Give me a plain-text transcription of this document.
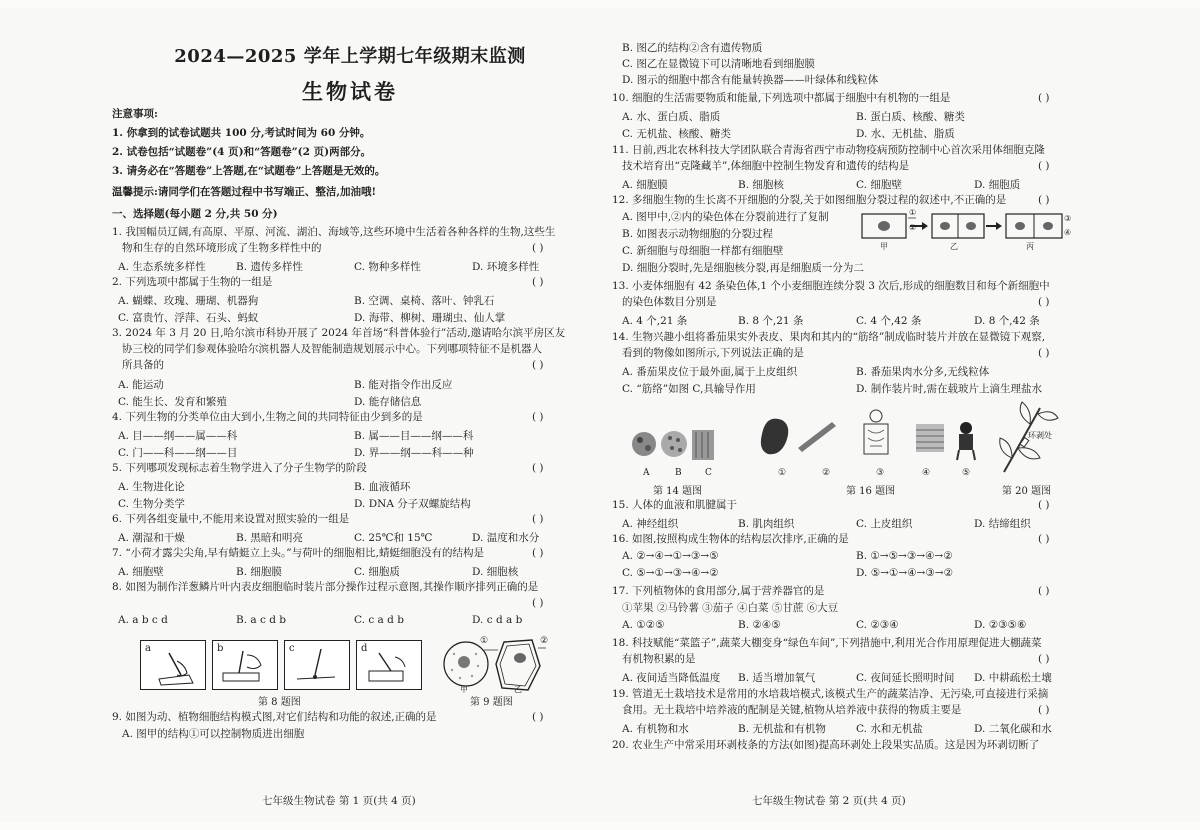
2024—2025 学年上学期七年级期末监测
生物试卷
注意事项:
1. 你拿到的试卷试题共 100 分,考试时间为 60 分钟。
2. 试卷包括“试题卷”(4 页)和“答题卷”(2 页)两部分。
3. 请务必在“答题卷”上答题,在“试题卷”上答题是无效的。
温馨提示:请同学们在答题过程中书写端正、整洁,加油哦!
一、选择题(每小题 2 分,共 50 分)
1. 我国幅员辽阔,有高原、平原、河流、湖泊、海域等,这些环境中生活着各种各样的生物,这些生
物和生存的自然环境形成了生物多样性中的	( )
A. 生态系统多样性	B. 遗传多样性	C. 物种多样性	D. 环境多样性
2. 下列选项中都属于生物的一组是	( )
A. 蝴蝶、玫瑰、珊瑚、机器狗	B. 空调、桌椅、落叶、钟乳石
C. 富贵竹、浮萍、石头、蚂蚁	D. 海带、柳树、珊瑚虫、仙人掌
3. 2024 年 3 月 20 日,哈尔滨市科协开展了 2024 年首场“科普体验行”活动,邀请哈尔滨平房区友
协三校的同学们参观体验哈尔滨机器人及智能制造规划展示中心。下列哪项特征不是机器人
所具备的	( )
A. 能运动	B. 能对指令作出反应
C. 能生长、发育和繁殖	D. 能存储信息
4. 下列生物的分类单位由大到小,生物之间的共同特征由少到多的是	( )
A. 目——纲——属——科	B. 属——目——纲——科
C. 门——科——纲——目	D. 界——纲——科——种
5. 下列哪项发现标志着生物学进入了分子生物学的阶段	( )
A. 生物进化论	B. 血液循环
C. 生物分类学	D. DNA 分子双螺旋结构
6. 下列各组变量中,不能用来设置对照实验的一组是	( )
A. 潮湿和干燥	B. 黑暗和明亮	C. 25℃和 15℃	D. 温度和水分
7. “小荷才露尖尖角,早有蜻蜓立上头。”与荷叶的细胞相比,蜻蜓细胞没有的结构是	( )
A. 细胞壁	B. 细胞膜	C. 细胞质	D. 细胞核
8. 如图为制作洋葱鳞片叶内表皮细胞临时装片部分操作过程示意图,其操作顺序排列正确的是
( )
A. a b c d	B. a c d b	C. c a d b	D. c d a b
a	b	c	d
第 8 题图
①	②
甲	乙
第 9 题图
9. 如图为动、植物细胞结构模式图,对它们结构和功能的叙述,正确的是	( )
A. 图甲的结构①可以控制物质进出细胞
七年级生物试卷 第 1 页(共 4 页)
B. 图乙的结构②含有遗传物质
C. 图乙在显微镜下可以清晰地看到细胞膜
D. 图示的细胞中都含有能量转换器——叶绿体和线粒体
10. 细胞的生活需要物质和能量,下列选项中都属于细胞中有机物的一组是	( )
A. 水、蛋白质、脂质	B. 蛋白质、核酸、糖类
C. 无机盐、核酸、糖类	D. 水、无机盐、脂质
11. 日前,西北农林科技大学团队联合青海省西宁市动物疫病预防控制中心首次采用体细胞克隆
技术培育出“克隆藏羊”,体细胞中控制生物发育和遗传的结构是	( )
A. 细胞膜	B. 细胞核	C. 细胞壁	D. 细胞质
12. 多细胞生物的生长离不开细胞的分裂,关于如图细胞分裂过程的叙述中,不正确的是	( )
A. 图甲中,②内的染色体在分裂前进行了复制
B. 如图表示动物细胞的分裂过程
C. 新细胞与母细胞一样都有细胞壁
D. 细胞分裂时,先是细胞核分裂,再是细胞质一分为二
甲	乙	丙
①
②
③
④
13. 小麦体细胞有 42 条染色体,1 个小麦细胞连续分裂 3 次后,形成的细胞数目和每个新细胞中
的染色体数目分别是	( )
A. 4 个,21 条	B. 8 个,21 条	C. 4 个,42 条	D. 8 个,42 条
14. 生物兴趣小组将番茄果实外表皮、果肉和其内的“筋络”制成临时装片并放在显微镜下观察,
看到的物像如图所示,下列说法正确的是	( )
A. 番茄果皮位于最外面,属于上皮组织	B. 番茄果肉水分多,无线粒体
C. “筋络”如图 C,具输导作用	D. 制作装片时,需在载玻片上滴生理盐水
A	B	C
第 14 题图
①	②	③	④	⑤
第 16 题图
环剥处
第 20 题图
15. 人体的血液和肌腱属于	( )
A. 神经组织	B. 肌肉组织	C. 上皮组织	D. 结缔组织
16. 如图,按照构成生物体的结构层次排序,正确的是	( )
A. ②→④→①→③→⑤	B. ①→⑤→③→④→②
C. ⑤→①→③→④→②	D. ⑤→①→④→③→②
17. 下列植物体的食用部分,属于营养器官的是	( )
①苹果 ②马铃薯 ③茄子 ④白菜 ⑤甘蔗 ⑥大豆
A. ①②⑤	B. ②④⑤	C. ②③④	D. ②③⑤⑥
18. 科技赋能“菜篮子”,蔬菜大棚变身“绿色车间”,下列措施中,利用光合作用原理促进大棚蔬菜
有机物积累的是	( )
A. 夜间适当降低温度 B. 适当增加氧气	C. 夜间延长照明时间 D. 中耕疏松土壤
19. 管道无土栽培技术是常用的水培栽培模式,该模式生产的蔬菜洁净、无污染,可直接进行采摘
食用。无土栽培中培养液的配制是关键,植物从培养液中获得的物质主要是	( )
A. 有机物和水	B. 无机盐和有机物	C. 水和无机盐	D. 二氧化碳和水
20. 农业生产中常采用环剥枝条的方法(如图)提高环剥处上段果实品质。这是因为环剥切断了
七年级生物试卷 第 2 页(共 4 页)
